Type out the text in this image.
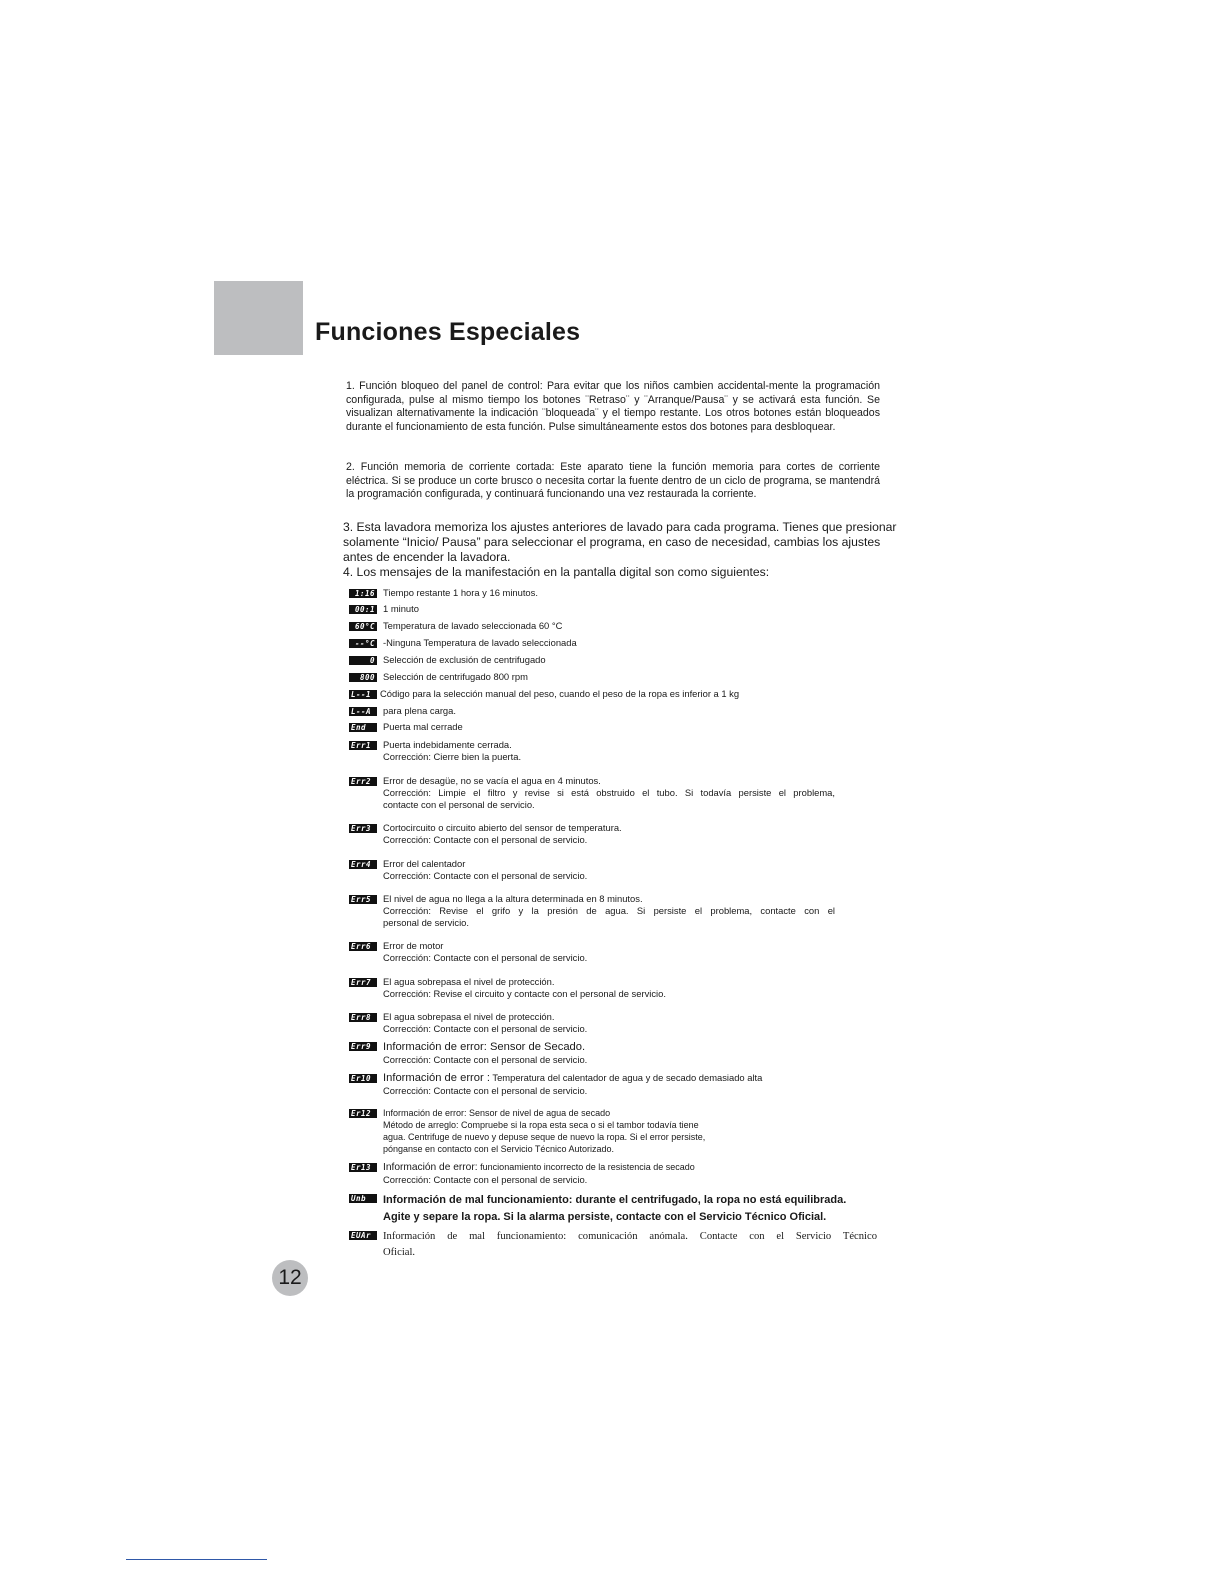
Funciones Especiales

1. Función bloqueo del panel de control: Para evitar que los niños cambien accidental-mente la programación configurada, pulse al mismo tiempo los botones ¨Retraso¨ y ¨Arranque/Pausa¨ y se activará esta función. Se visualizan alternativamente la indicación ¨bloqueada¨ y el tiempo restante. Los otros botones están bloqueados durante el funcionamiento de esta función. Pulse simultáneamente estos dos botones para desbloquear.

2. Función memoria de corriente cortada: Este aparato tiene la función memoria para cortes de corriente eléctrica. Si se produce un corte brusco o necesita cortar la fuente dentro de un ciclo de programa, se mantendrá la programación configurada, y continuará funcionando una vez restaurada la corriente.

3. Esta lavadora memoriza los ajustes anteriores de lavado para cada programa. Tienes que presionar solamente “Inicio/ Pausa” para seleccionar el programa, en caso de necesidad, cambias los ajustes antes de encender la lavadora.

4. Los mensajes de la manifestación en la pantalla digital son como siguientes:

1:16 Tiempo restante 1 hora y 16 minutos.
00:1 1 minuto
60°C Temperatura de lavado seleccionada 60 °C
--°C -Ninguna Temperatura de lavado seleccionada
0 Selección de exclusión de centrifugado
800 Selección de centrifugado 800 rpm
L--1 Código para la selección manual del peso, cuando el peso de la ropa es inferior a 1 kg
L--A	para plena carga.
End	Puerta mal cerrade
Err1	Puerta indebidamente cerrada.
Corrección: Cierre bien la puerta.
Err2	Error de desagüe, no se vacía el agua en 4 minutos.
Corrección: Limpie el filtro y revise si está obstruido el tubo. Si todavía persiste el problema,
contacte con el personal de servicio.
Err3	Cortocircuito o circuito abierto del sensor de temperatura.
Corrección: Contacte con el personal de servicio.
Err4	Error del calentador
Corrección: Contacte con el personal de servicio.
Err5	El nivel de agua no llega a la altura determinada en 8 minutos.
Corrección: Revise el grifo y la presión de agua. Si persiste el problema, contacte con el
personal de servicio.
Err6	Error de motor
Corrección: Contacte con el personal de servicio.
Err7	El agua sobrepasa el nivel de protección.
Corrección: Revise el circuito y contacte con el personal de servicio.
Err8	El agua sobrepasa el nivel de protección.
Corrección: Contacte con el personal de servicio.
Err9	Información de error: Sensor de Secado.
Corrección: Contacte con el personal de servicio.
Er10	Información de error : Temperatura del calentador de agua y de secado demasiado alta
Corrección: Contacte con el personal de servicio.
Er12	Información de error: Sensor de nivel de agua de secado
Método de arreglo: Compruebe si la ropa esta seca o si el tambor todavía tiene
agua. Centrifuge de nuevo y depuse seque de nuevo la ropa. Si el error persiste,
pónganse en contacto con el Servicio Técnico Autorizado.
Er13	Información de error: funcionamiento incorrecto de la resistencia de secado
Corrección: Contacte con el personal de servicio.
Unb	Información de mal funcionamiento: durante el centrifugado, la ropa no está equilibrada.
Agite y separe la ropa. Si la alarma persiste, contacte con el Servicio Técnico Oficial.
EUAr	Información de mal funcionamiento: comunicación anómala. Contacte con el Servicio Técnico
Oficial.
12
